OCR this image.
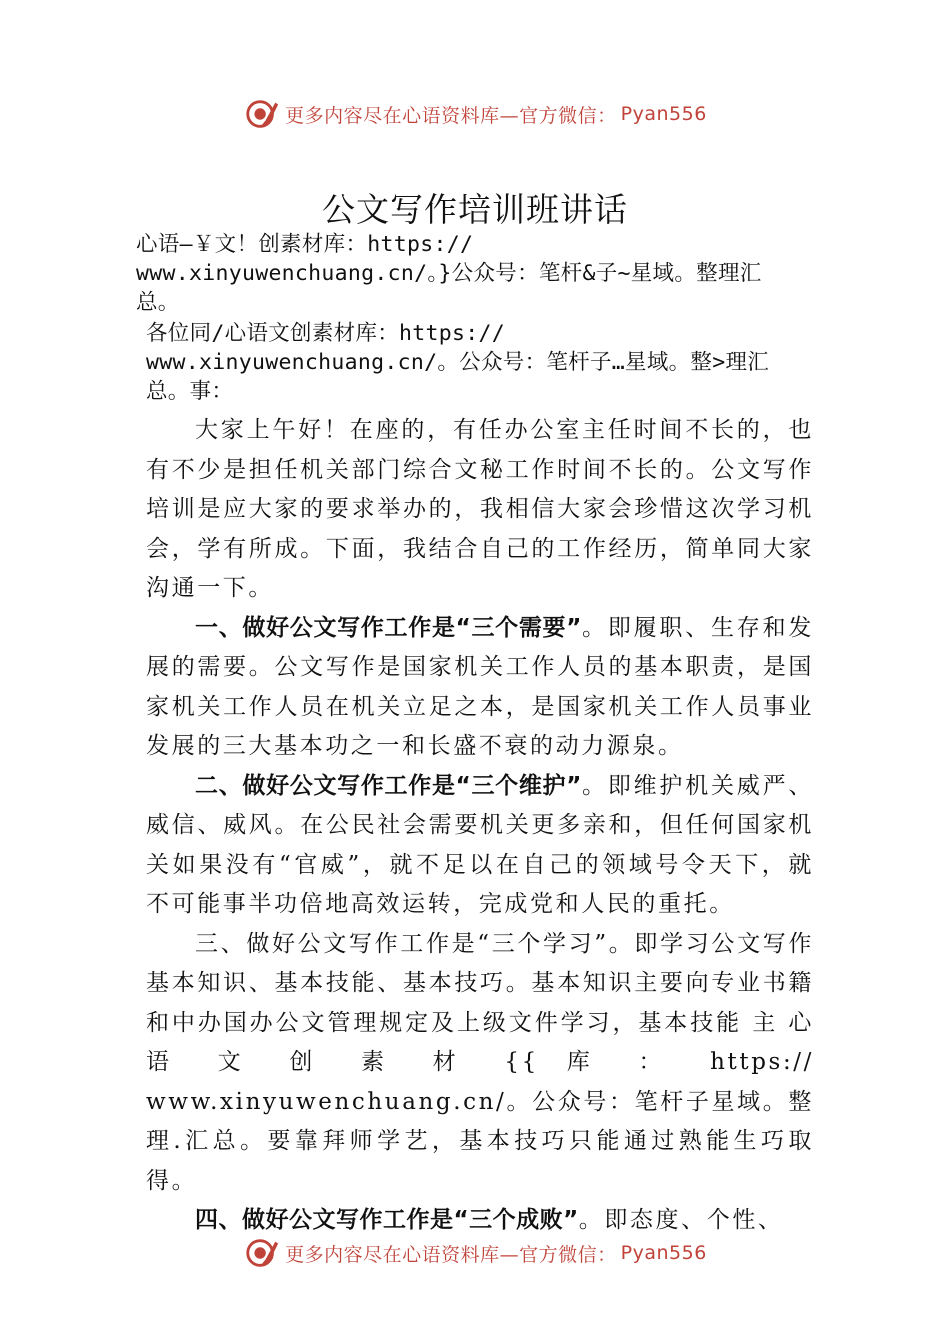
更多内容尽在心语资料库—官方微信： Pyan556
公文写作培训班讲话

心语—￥文！创素材库：https://

www.xinyuwenchuang.cn/。}公众号：笔杆&子~星域。整理汇

总。

各位同/心语文创素材库：https://

www.xinyuwenchuang.cn/。公众号：笔杆子…星域。整>理汇

总。事：

大家上午好！在座的，有任办公室主任时间不长的，也有不少是担任机关部门综合文秘工作时间不长的。公文写作培训是应大家的要求举办的，我相信大家会珍惜这次学习机会，学有所成。下面，我结合自己的工作经历，简单同大家沟通一下。

一、做好公文写作工作是“三个需要”。即履职、生存和发展的需要。公文写作是国家机关工作人员的基本职责，是国家机关工作人员在机关立足之本，是国家机关工作人员事业发展的三大基本功之一和长盛不衰的动力源泉。

二、做好公文写作工作是“三个维护”。即维护机关威严、威信、威风。在公民社会需要机关更多亲和，但任何国家机关如果没有“官威”，就不足以在自己的领域号令天下，就不可能事半功倍地高效运转，完成党和人民的重托。

三、做好公文写作工作是“三个学习”。即学习公文写作基本知识、基本技能、基本技巧。基本知识主要向专业书籍和中办国办公文管理规定及上级文件学习，基本技能 主 心 语 文 创 素 材 {{ 库 ： https:// www.xinyuwenchuang.cn/。公众号：笔杆子星域。整理.汇总。要靠拜师学艺，基本技巧只能通过熟能生巧取得。

四、做好公文写作工作是“三个成败”。即态度、个性、

更多内容尽在心语资料库—官方微信： Pyan556
